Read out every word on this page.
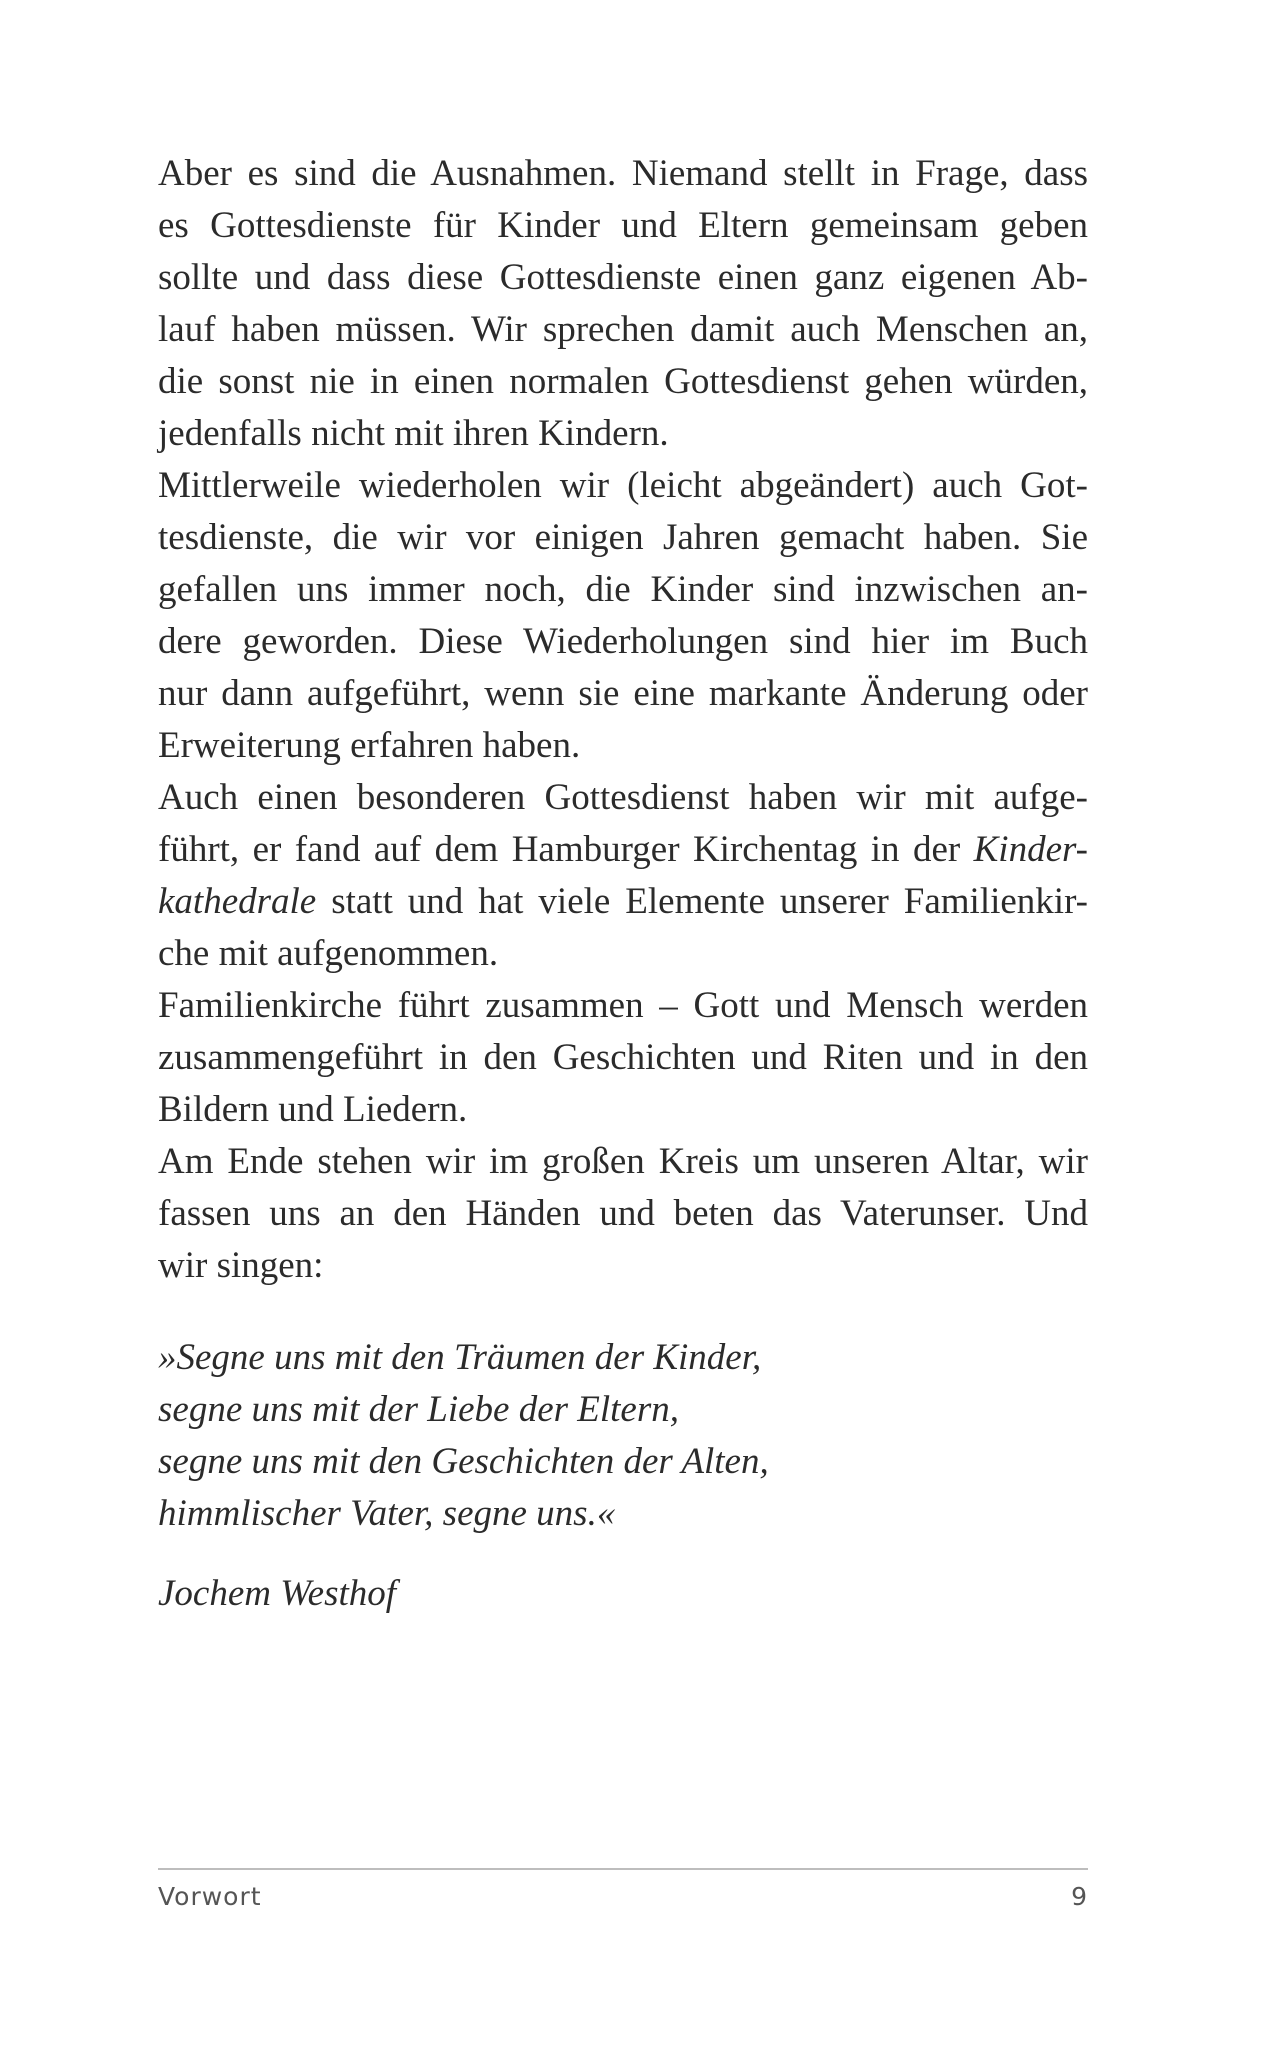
Aber es sind die Ausnahmen. Niemand stellt in Frage, dass
es Gottesdienste für Kinder und Eltern gemeinsam geben
sollte und dass diese Gottesdienste einen ganz eigenen Ab-
lauf haben müssen. Wir sprechen damit auch Menschen an,
die sonst nie in einen normalen Gottesdienst gehen würden,
jedenfalls nicht mit ihren Kindern.
Mittlerweile wiederholen wir (leicht abgeändert) auch Got-
tesdienste, die wir vor einigen Jahren gemacht haben. Sie
gefallen uns immer noch, die Kinder sind inzwischen an-
dere geworden. Diese Wiederholungen sind hier im Buch
nur dann aufgeführt, wenn sie eine markante Änderung oder
Erweiterung erfahren haben.
Auch einen besonderen Gottesdienst haben wir mit aufge-
führt, er fand auf dem Hamburger Kirchentag in der Kinder-
kathedrale statt und hat viele Elemente unserer Familienkir-
che mit aufgenommen.
Familienkirche führt zusammen – Gott und Mensch werden
zusammengeführt in den Geschichten und Riten und in den
Bildern und Liedern.
Am Ende stehen wir im großen Kreis um unseren Altar, wir
fassen uns an den Händen und beten das Vaterunser. Und
wir singen:
»Segne uns mit den Träumen der Kinder,
segne uns mit der Liebe der Eltern,
segne uns mit den Geschichten der Alten,
himmlischer Vater, segne uns.«
Jochem Westhof
Vorwort	9
